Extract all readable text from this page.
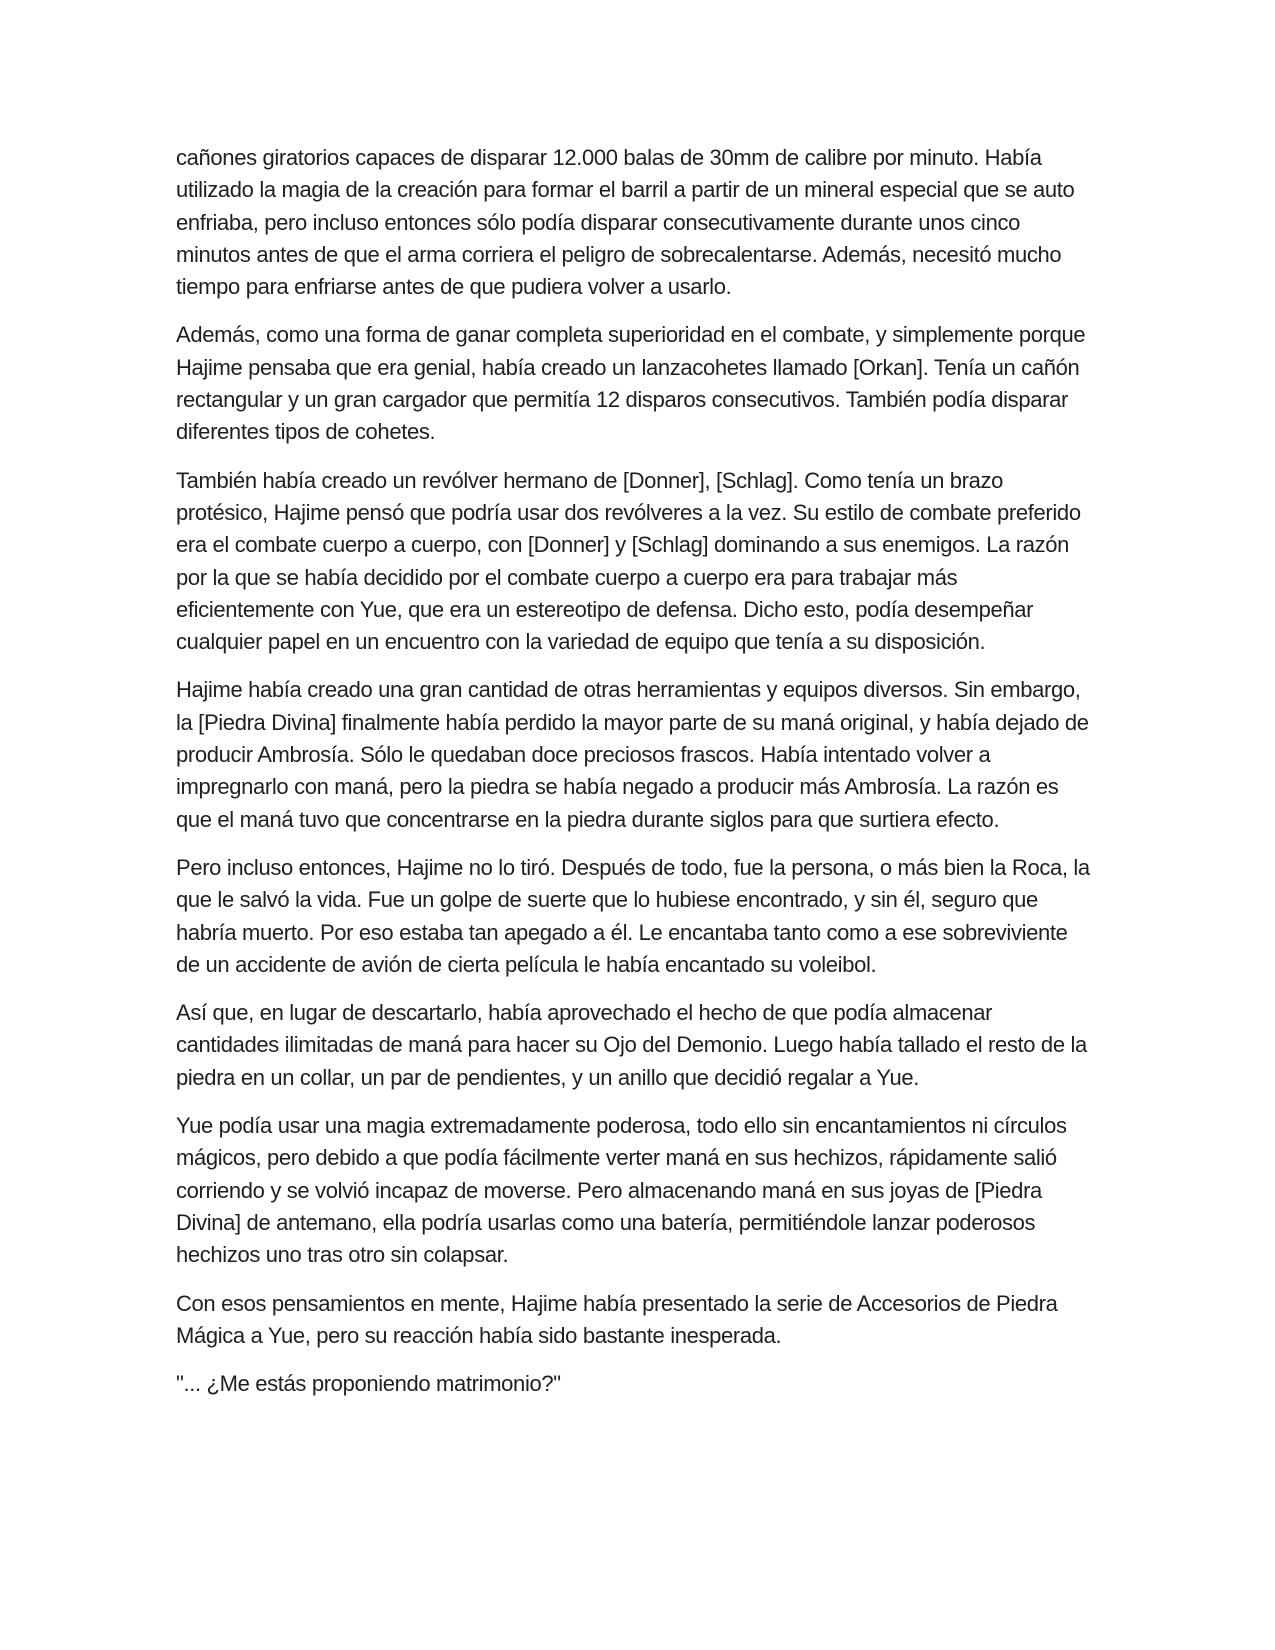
cañones giratorios capaces de disparar 12.000 balas de 30mm de calibre por minuto. Había utilizado la magia de la creación para formar el barril a partir de un mineral especial que se auto enfriaba, pero incluso entonces sólo podía disparar consecutivamente durante unos cinco minutos antes de que el arma corriera el peligro de sobrecalentarse. Además, necesitó mucho tiempo para enfriarse antes de que pudiera volver a usarlo.

Además, como una forma de ganar completa superioridad en el combate, y simplemente porque Hajime pensaba que era genial, había creado un lanzacohetes llamado [Orkan]. Tenía un cañón rectangular y un gran cargador que permitía 12 disparos consecutivos. También podía disparar diferentes tipos de cohetes.

También había creado un revólver hermano de [Donner], [Schlag]. Como tenía un brazo protésico, Hajime pensó que podría usar dos revólveres a la vez. Su estilo de combate preferido era el combate cuerpo a cuerpo, con [Donner] y [Schlag] dominando a sus enemigos. La razón por la que se había decidido por el combate cuerpo a cuerpo era para trabajar más eficientemente con Yue, que era un estereotipo de defensa. Dicho esto, podía desempeñar cualquier papel en un encuentro con la variedad de equipo que tenía a su disposición.

Hajime había creado una gran cantidad de otras herramientas y equipos diversos. Sin embargo, la [Piedra Divina] finalmente había perdido la mayor parte de su maná original, y había dejado de producir Ambrosía. Sólo le quedaban doce preciosos frascos. Había intentado volver a impregnarlo con maná, pero la piedra se había negado a producir más Ambrosía. La razón es que el maná tuvo que concentrarse en la piedra durante siglos para que surtiera efecto.

Pero incluso entonces, Hajime no lo tiró. Después de todo, fue la persona, o más bien la Roca, la que le salvó la vida. Fue un golpe de suerte que lo hubiese encontrado, y sin él, seguro que habría muerto. Por eso estaba tan apegado a él. Le encantaba tanto como a ese sobreviviente de un accidente de avión de cierta película le había encantado su voleibol.

Así que, en lugar de descartarlo, había aprovechado el hecho de que podía almacenar cantidades ilimitadas de maná para hacer su Ojo del Demonio. Luego había tallado el resto de la piedra en un collar, un par de pendientes, y un anillo que decidió regalar a Yue.

Yue podía usar una magia extremadamente poderosa, todo ello sin encantamientos ni círculos mágicos, pero debido a que podía fácilmente verter maná en sus hechizos, rápidamente salió corriendo y se volvió incapaz de moverse. Pero almacenando maná en sus joyas de [Piedra Divina] de antemano, ella podría usarlas como una batería, permitiéndole lanzar poderosos hechizos uno tras otro sin colapsar.

Con esos pensamientos en mente, Hajime había presentado la serie de Accesorios de Piedra Mágica a Yue, pero su reacción había sido bastante inesperada.

"... ¿Me estás proponiendo matrimonio?"
